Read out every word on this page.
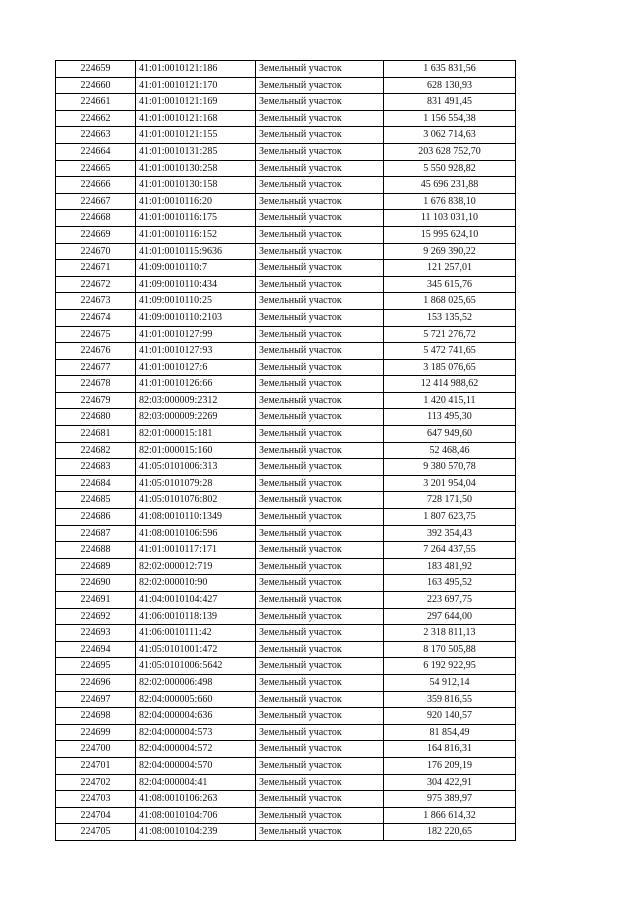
224659	41:01:0010121:186	Земельный участок	1 635 831,56
224660	41:01:0010121:170	Земельный участок	628 130,93
224661	41:01:0010121:169	Земельный участок	831 491,45
224662	41:01:0010121:168	Земельный участок	1 156 554,38
224663	41:01:0010121:155	Земельный участок	3 062 714,63
224664	41:01:0010131:285	Земельный участок	203 628 752,70
224665	41:01:0010130:258	Земельный участок	5 550 928,82
224666	41:01:0010130:158	Земельный участок	45 696 231,88
224667	41:01:0010116:20	Земельный участок	1 676 838,10
224668	41:01:0010116:175	Земельный участок	11 103 031,10
224669	41:01:0010116:152	Земельный участок	15 995 624,10
224670	41:01:0010115:9636	Земельный участок	9 269 390,22
224671	41:09:0010110:7	Земельный участок	121 257,01
224672	41:09:0010110:434	Земельный участок	345 615,76
224673	41:09:0010110:25	Земельный участок	1 868 025,65
224674	41:09:0010110:2103	Земельный участок	153 135,52
224675	41:01:0010127:99	Земельный участок	5 721 276,72
224676	41:01:0010127:93	Земельный участок	5 472 741,65
224677	41:01:0010127:6	Земельный участок	3 185 076,65
224678	41:01:0010126:66	Земельный участок	12 414 988,62
224679	82:03:000009:2312	Земельный участок	1 420 415,11
224680	82:03:000009:2269	Земельный участок	113 495,30
224681	82:01:000015:181	Земельный участок	647 949,60
224682	82:01:000015:160	Земельный участок	52 468,46
224683	41:05:0101006:313	Земельный участок	9 380 570,78
224684	41:05:0101079:28	Земельный участок	3 201 954,04
224685	41:05:0101076:802	Земельный участок	728 171,50
224686	41:08:0010110:1349	Земельный участок	1 807 623,75
224687	41:08:0010106:596	Земельный участок	392 354,43
224688	41:01:0010117:171	Земельный участок	7 264 437,55
224689	82:02:000012:719	Земельный участок	183 481,92
224690	82:02:000010:90	Земельный участок	163 495,52
224691	41:04:0010104:427	Земельный участок	223 697,75
224692	41:06:0010118:139	Земельный участок	297 644,00
224693	41:06:0010111:42	Земельный участок	2 318 811,13
224694	41:05:0101001:472	Земельный участок	8 170 505,88
224695	41:05:0101006:5642	Земельный участок	6 192 922,95
224696	82:02:000006:498	Земельный участок	54 912,14
224697	82:04:000005:660	Земельный участок	359 816,55
224698	82:04:000004:636	Земельный участок	920 140,57
224699	82:04:000004:573	Земельный участок	81 854,49
224700	82:04:000004:572	Земельный участок	164 816,31
224701	82:04:000004:570	Земельный участок	176 209,19
224702	82:04:000004:41	Земельный участок	304 422,91
224703	41:08:0010106:263	Земельный участок	975 389,97
224704	41:08:0010104:706	Земельный участок	1 866 614,32
224705	41:08:0010104:239	Земельный участок	182 220,65
